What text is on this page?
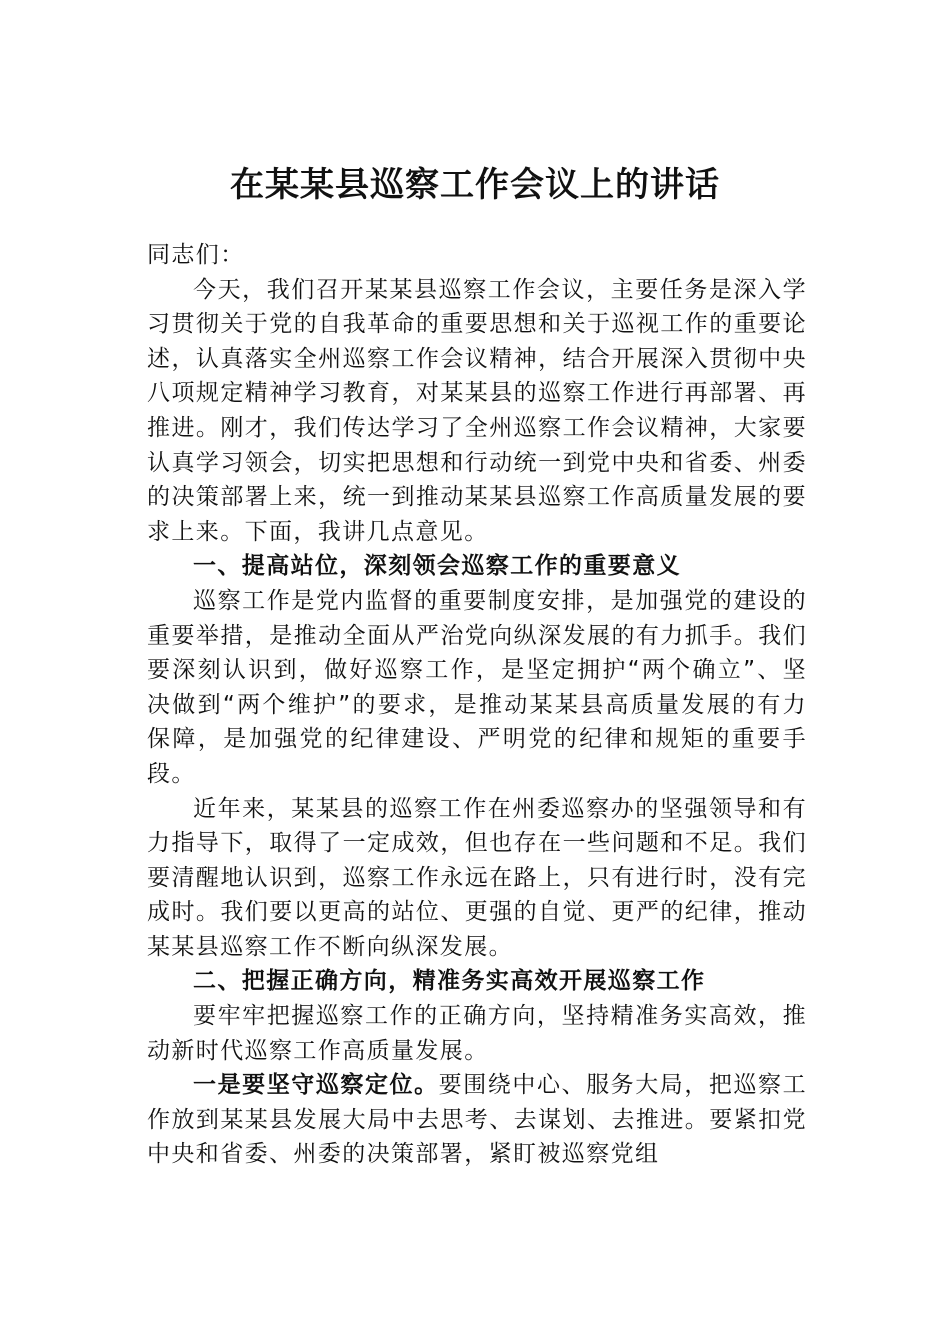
在某某县巡察工作会议上的讲话

同志们：

今天，我们召开某某县巡察工作会议，主要任务是深入学习贯彻关于党的自我革命的重要思想和关于巡视工作的重要论述，认真落实全州巡察工作会议精神，结合开展深入贯彻中央八项规定精神学习教育，对某某县的巡察工作进行再部署、再推进。刚才，我们传达学习了全州巡察工作会议精神，大家要认真学习领会，切实把思想和行动统一到党中央和省委、州委的决策部署上来，统一到推动某某县巡察工作高质量发展的要求上来。下面，我讲几点意见。

一、提高站位，深刻领会巡察工作的重要意义

巡察工作是党内监督的重要制度安排，是加强党的建设的重要举措，是推动全面从严治党向纵深发展的有力抓手。我们要深刻认识到，做好巡察工作，是坚定拥护“两个确立”、坚决做到“两个维护”的要求，是推动某某县高质量发展的有力保障，是加强党的纪律建设、严明党的纪律和规矩的重要手段。

近年来，某某县的巡察工作在州委巡察办的坚强领导和有力指导下，取得了一定成效，但也存在一些问题和不足。我们要清醒地认识到，巡察工作永远在路上，只有进行时，没有完成时。我们要以更高的站位、更强的自觉、更严的纪律，推动某某县巡察工作不断向纵深发展。

二、把握正确方向，精准务实高效开展巡察工作

要牢牢把握巡察工作的正确方向，坚持精准务实高效，推动新时代巡察工作高质量发展。

一是要坚守巡察定位。要围绕中心、服务大局，把巡察工作放到某某县发展大局中去思考、去谋划、去推进。要紧扣党中央和省委、州委的决策部署，紧盯被巡察党组
